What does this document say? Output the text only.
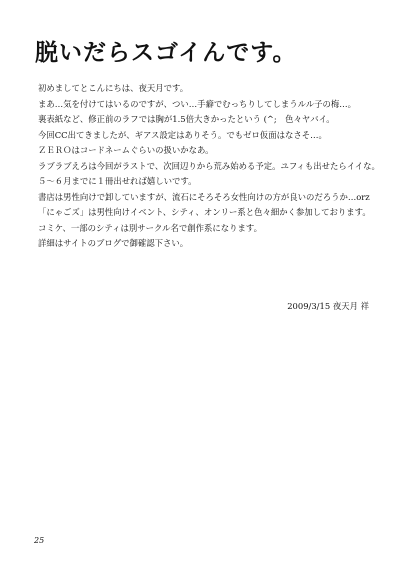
脱いだらスゴイんです。
初めましてとこんにちは、夜天月です。
まあ…気を付けてはいるのですが、つい…手癖でむっちりしてしまうルル子の梅…。
裏表紙など、修正前のラフでは胸が1.5倍大きかったという (^;　色々ヤバイ。
今回CC出てきましたが、ギアス設定はありそう。でもゼロ仮面はなさそ…。
ＺＥＲＯはコードネームぐらいの扱いかなあ。
ラブラブえろは今回がラストで、次回辺りから荒み始める予定。ユフィも出せたらイイな。
５～６月までに１冊出せれば嬉しいです。
書店は男性向けで卸していますが、流石にそろそろ女性向けの方が良いのだろうか…orz
「にゃごズ」は男性向けイベント、シティ、オンリー系と色々細かく参加しております。
コミケ、一部のシティは別サークル名で創作系になります。
詳細はサイトのブログで御確認下さい。
2009/3/15 夜天月 祥
25
